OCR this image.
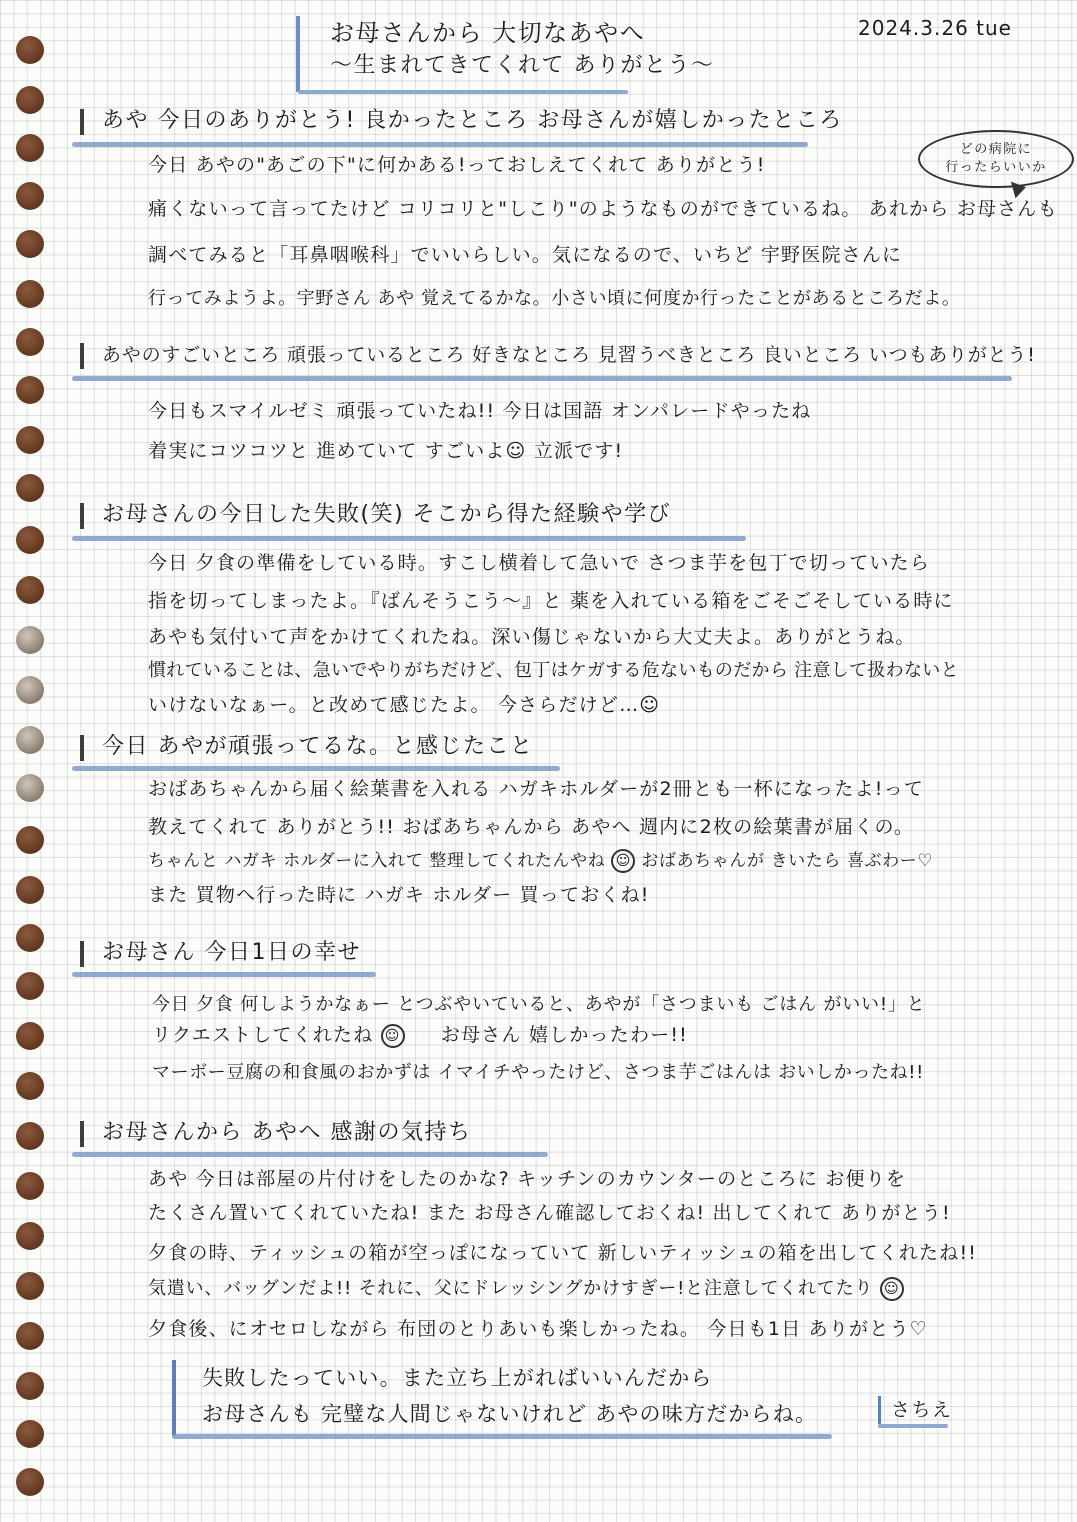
お母さんから 大切なあやへ
〜生まれてきてくれて ありがとう〜
2024.3.26 tue
どの病院に
行ったらいいか
あや 今日のありがとう! 良かったところ お母さんが嬉しかったところ
今日 あやの"あごの下"に何かある!っておしえてくれて ありがとう!
痛くないって言ってたけど コリコリと"しこり"のようなものができているね。 あれから お母さんも
調べてみると「耳鼻咽喉科」でいいらしい。気になるので、いちど 宇野医院さんに
行ってみようよ。宇野さん あや 覚えてるかな。小さい頃に何度か行ったことがあるところだよ。
あやのすごいところ 頑張っているところ 好きなところ 見習うべきところ 良いところ いつもありがとう!
今日もスマイルゼミ 頑張っていたね!! 今日は国語 オンパレードやったね
着実にコツコツと 進めていて すごいよ☺ 立派です!
お母さんの今日した失敗(笑) そこから得た経験や学び
今日 夕食の準備をしている時。すこし横着して急いで さつま芋を包丁で切っていたら
指を切ってしまったよ。『ばんそうこう〜』と 薬を入れている箱をごそごそしている時に
あやも気付いて声をかけてくれたね。深い傷じゃないから大丈夫よ。ありがとうね。
慣れていることは、急いでやりがちだけど、包丁はケガする危ないものだから 注意して扱わないと
いけないなぁー。と改めて感じたよ。 今さらだけど…☺
今日 あやが頑張ってるな。と感じたこと
おばあちゃんから届く絵葉書を入れる ハガキホルダーが2冊とも一杯になったよ!って
教えてくれて ありがとう!! おばあちゃんから あやへ 週内に2枚の絵葉書が届くの。
ちゃんと ハガキ ホルダーに入れて 整理してくれたんやね ☺ おばあちゃんが きいたら 喜ぶわー♡
また 買物へ行った時に ハガキ ホルダー 買っておくね!
お母さん 今日1日の幸せ
今日 夕食 何しようかなぁー とつぶやいていると、あやが「さつまいも ごはん がいい!」と
リクエストしてくれたね ☺ お母さん 嬉しかったわー!!
マーボー豆腐の和食風のおかずは イマイチやったけど、さつま芋ごはんは おいしかったね!!
お母さんから あやへ 感謝の気持ち
あや 今日は部屋の片付けをしたのかな? キッチンのカウンターのところに お便りを
たくさん置いてくれていたね! また お母さん確認しておくね! 出してくれて ありがとう!
夕食の時、ティッシュの箱が空っぽになっていて 新しいティッシュの箱を出してくれたね!!
気遣い、バッグンだよ!! それに、父にドレッシングかけすぎー!と注意してくれてたり ☺
夕食後、にオセロしながら 布団のとりあいも楽しかったね。 今日も1日 ありがとう♡
失敗したっていい。また立ち上がればいいんだから
お母さんも 完璧な人間じゃないけれど あやの味方だからね。	さちえ
